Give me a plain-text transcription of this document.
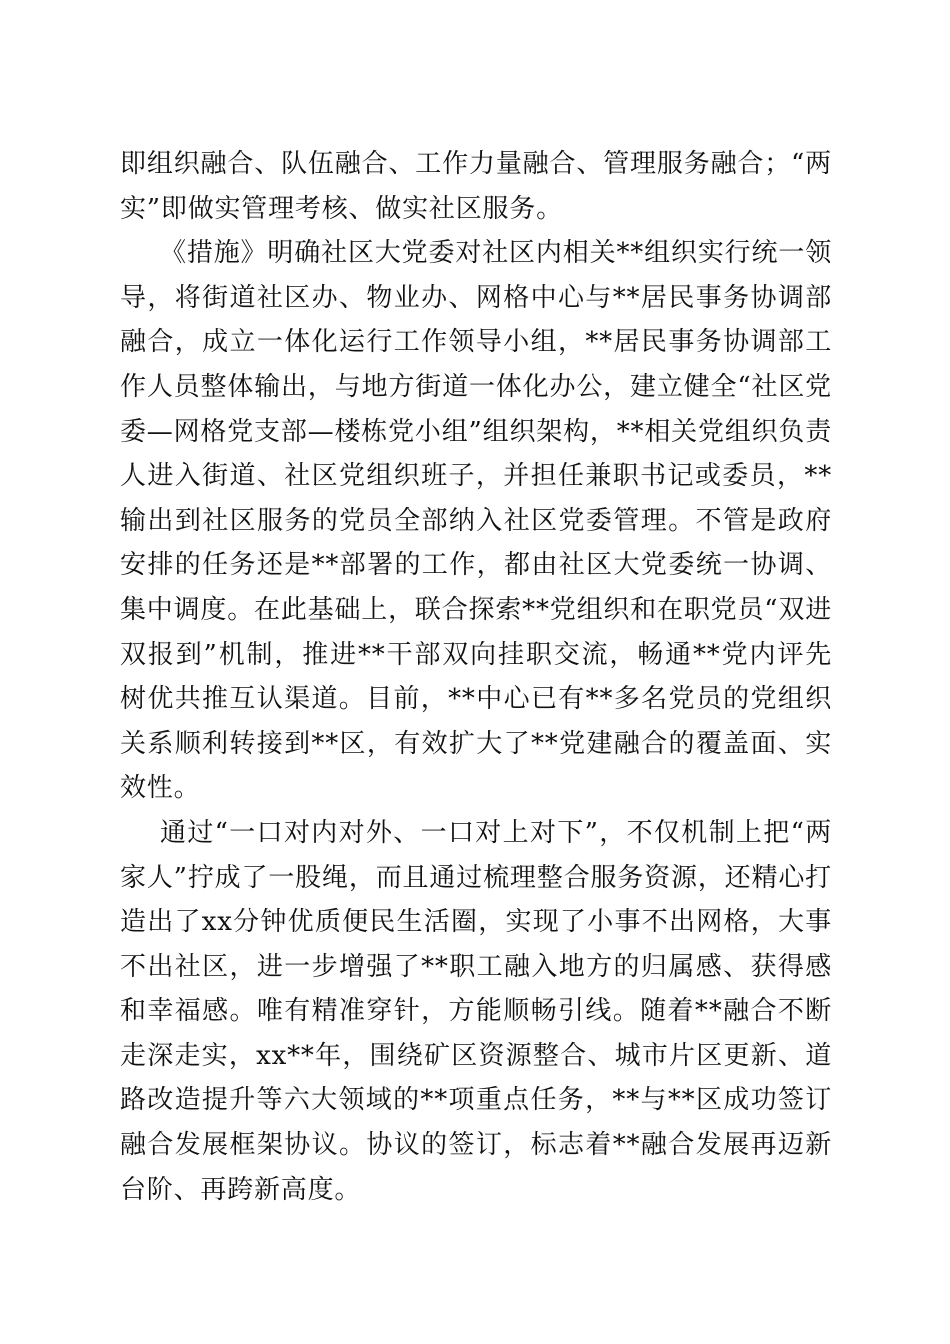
即组织融合、队伍融合、工作力量融合、管理服务融合；“两实”即做实管理考核、做实社区服务。

《措施》明确社区大党委对社区内相关**组织实行统一领导，将街道社区办、物业办、网格中心与**居民事务协调部融合，成立一体化运行工作领导小组，**居民事务协调部工作人员整体输出，与地方街道一体化办公，建立健全“社区党委—网格党支部—楼栋党小组”组织架构，**相关党组织负责人进入街道、社区党组织班子，并担任兼职书记或委员，**输出到社区服务的党员全部纳入社区党委管理。不管是政府安排的任务还是**部署的工作，都由社区大党委统一协调、集中调度。在此基础上，联合探索**党组织和在职党员“双进双报到”机制，推进**干部双向挂职交流，畅通**党内评先树优共推互认渠道。目前，**中心已有**多名党员的党组织关系顺利转接到**区，有效扩大了**党建融合的覆盖面、实效性。

通过“一口对内对外、一口对上对下”，不仅机制上把“两家人”拧成了一股绳，而且通过梳理整合服务资源，还精心打造出了xx分钟优质便民生活圈，实现了小事不出网格，大事不出社区，进一步增强了**职工融入地方的归属感、获得感和幸福感。唯有精准穿针，方能顺畅引线。随着**融合不断走深走实，xx**年，围绕矿区资源整合、城市片区更新、道路改造提升等六大领域的**项重点任务，**与**区成功签订融合发展框架协议。协议的签订，标志着**融合发展再迈新台阶、再跨新高度。
